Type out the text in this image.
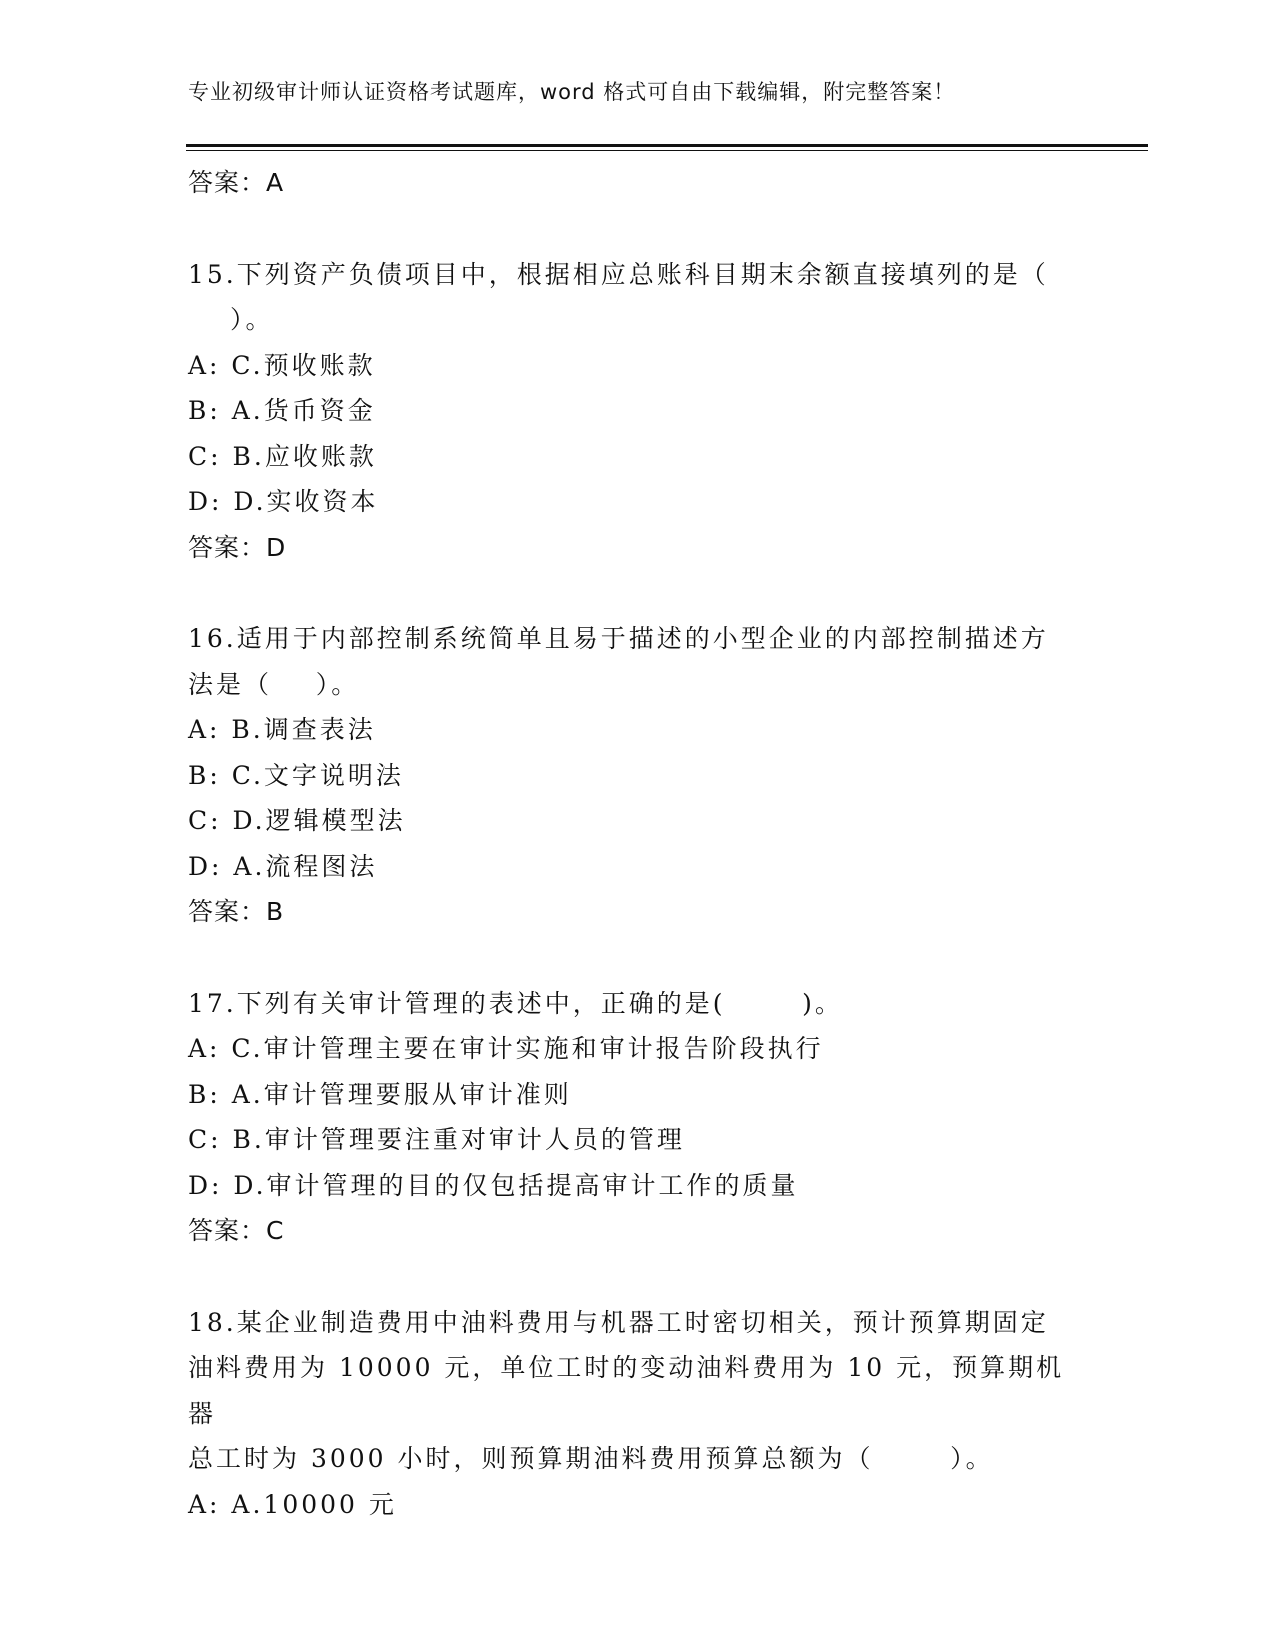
专业初级审计师认证资格考试题库，word 格式可自由下载编辑，附完整答案！
答案：A
15.下列资产负债项目中，根据相应总账科目期末余额直接填列的是（
）。
A: C.预收账款
B: A.货币资金
C: B.应收账款
D: D.实收资本
答案：D
16.适用于内部控制系统简单且易于描述的小型企业的内部控制描述方
法是（    ）。
A: B.调查表法
B: C.文字说明法
C: D.逻辑模型法
D: A.流程图法
答案：B
17.下列有关审计管理的表述中，正确的是(       )。
A: C.审计管理主要在审计实施和审计报告阶段执行
B: A.审计管理要服从审计准则
C: B.审计管理要注重对审计人员的管理
D: D.审计管理的目的仅包括提高审计工作的质量
答案：C
18.某企业制造费用中油料费用与机器工时密切相关，预计预算期固定
油料费用为 10000 元，单位工时的变动油料费用为 10 元，预算期机器
总工时为 3000 小时，则预算期油料费用预算总额为（       ）。
A: A.10000 元
